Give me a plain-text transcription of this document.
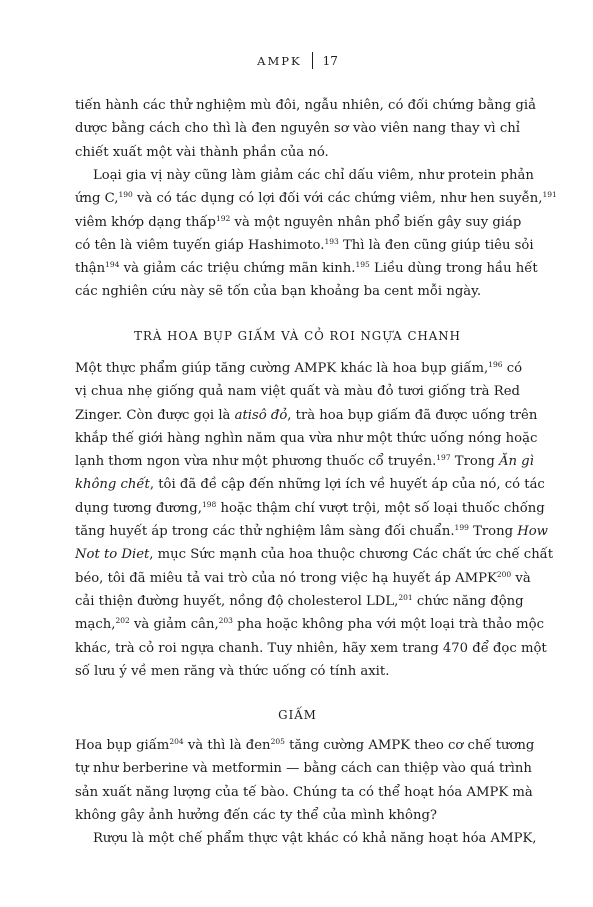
AMPK 17
tiến hành các thử nghiệm mù đôi, ngẫu nhiên, có đối chứng bằng giả
dược bằng cách cho thì là đen nguyên sơ vào viên nang thay vì chỉ
chiết xuất một vài thành phần của nó.
Loại gia vị này cũng làm giảm các chỉ dấu viêm, như protein phản
ứng C,$^{190}$ và có tác dụng có lợi đối với các chứng viêm, như hen suyễn,$^{191}$
viêm khớp dạng thấp$^{192}$ và một nguyên nhân phổ biến gây suy giáp
có tên là viêm tuyến giáp Hashimoto.$^{193}$ Thì là đen cũng giúp tiêu sỏi
thận$^{194}$ và giảm các triệu chứng mãn kinh.$^{195}$ Liều dùng trong hầu hết
các nghiên cứu này sẽ tốn của bạn khoảng ba cent mỗi ngày.
TRÀ HOA BỤP GIẤM VÀ CỎ ROI NGỰA CHANH
Một thực phẩm giúp tăng cường AMPK khác là hoa bụp giấm,$^{196}$ có
vị chua nhẹ giống quả nam việt quất và màu đỏ tươi giống trà Red
Zinger. Còn được gọi là atisô đỏ, trà hoa bụp giấm đã được uống trên
khắp thế giới hàng nghìn năm qua vừa như một thức uống nóng hoặc
lạnh thơm ngon vừa như một phương thuốc cổ truyền.$^{197}$ Trong Ăn gì
không chết, tôi đã đề cập đến những lợi ích về huyết áp của nó, có tác
dụng tương đương,$^{198}$ hoặc thậm chí vượt trội, một số loại thuốc chống
tăng huyết áp trong các thử nghiệm lâm sàng đối chuẩn.$^{199}$ Trong How
Not to Diet, mục Sức mạnh của hoa thuộc chương Các chất ức chế chất
béo, tôi đã miêu tả vai trò của nó trong việc hạ huyết áp AMPK$^{200}$ và
cải thiện đường huyết, nồng độ cholesterol LDL,$^{201}$ chức năng động
mạch,$^{202}$ và giảm cân,$^{203}$ pha hoặc không pha với một loại trà thảo mộc
khác, trà cỏ roi ngựa chanh. Tuy nhiên, hãy xem trang 470 để đọc một
số lưu ý về men răng và thức uống có tính axit.
GIẤM
Hoa bụp giấm$^{204}$ và thì là đen$^{205}$ tăng cường AMPK theo cơ chế tương
tự như berberine và metformin — bằng cách can thiệp vào quá trình
sản xuất năng lượng của tế bào. Chúng ta có thể hoạt hóa AMPK mà
không gây ảnh hưởng đến các ty thể của mình không?
Rượu là một chế phẩm thực vật khác có khả năng hoạt hóa AMPK,
